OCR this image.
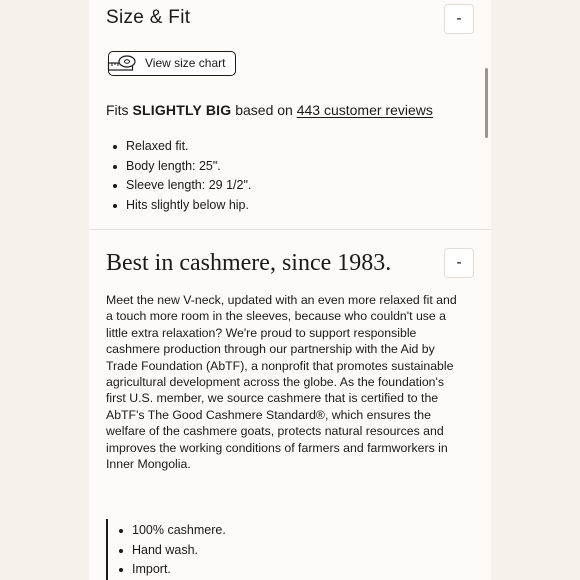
Size & Fit	-
View size chart
Fits SLIGHTLY BIG based on 443 customer reviews
Relaxed fit.
Body length: 25".
Sleeve length: 29 1/2".
Hits slightly below hip.
Best in cashmere, since 1983.	-
Meet the new V-neck, updated with an even more relaxed fit and a touch more room in the sleeves, because who couldn't use a little extra relaxation? We're proud to support responsible cashmere production through our partnership with the Aid by Trade Foundation (AbTF), a nonprofit that promotes sustainable agricultural development across the globe. As the foundation's first U.S. member, we source cashmere that is certified to the AbTF's The Good Cashmere Standard®, which ensures the welfare of the cashmere goats, protects natural resources and improves the working conditions of farmers and farmworkers in Inner Mongolia.
100% cashmere.
Hand wash.
Import.
